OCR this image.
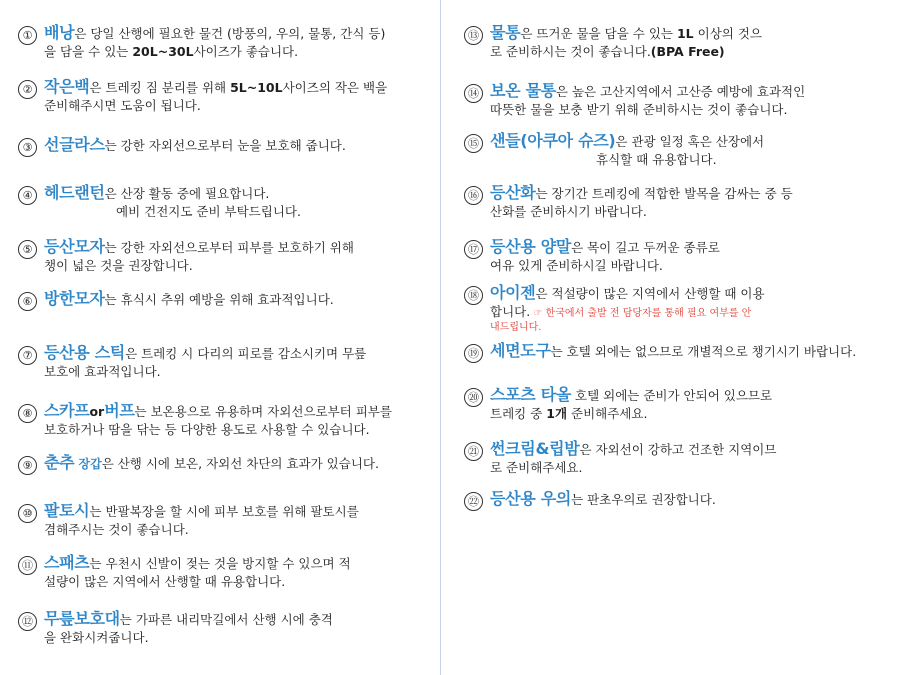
① 배낭은 당일 산행에 필요한 물건 (방풍의, 우의, 물통, 간식 등)
을 담을 수 있는 20L~30L사이즈가 좋습니다.
② 작은백은 트레킹 짐 분리를 위해 5L~10L사이즈의 작은 백을
준비해주시면 도움이 됩니다.
③ 선글라스는 강한 자외선으로부터 눈을 보호해 줍니다.
④ 헤드랜턴은 산장 활동 중에 필요합니다.
예비 건전지도 준비 부탁드립니다.
⑤ 등산모자는 강한 자외선으로부터 피부를 보호하기 위해
챙이 넓은 것을 권장합니다.
⑥ 방한모자는 휴식시 추위 예방을 위해 효과적입니다.
⑦ 등산용 스틱은 트레킹 시 다리의 피로를 감소시키며 무릎
보호에 효과적입니다.
⑧ 스카프or버프는 보온용으로 유용하며 자외선으로부터 피부를
보호하거나 땀을 닦는 등 다양한 용도로 사용할 수 있습니다.
⑨ 춘추 장갑은 산행 시에 보온, 자외선 차단의 효과가 있습니다.
⑩ 팔토시는 반팔복장을 할 시에 피부 보호를 위해 팔토시를
겸해주시는 것이 좋습니다.
⑪ 스패츠는 우천시 신발이 젖는 것을 방지할 수 있으며 적
설량이 많은 지역에서 산행할 때 유용합니다.
⑫ 무릎보호대는 가파른 내리막길에서 산행 시에 충격
을 완화시켜줍니다.
⑬ 물통은 뜨거운 물을 담을 수 있는 1L 이상의 것으
로 준비하시는 것이 좋습니다.(BPA Free)
⑭ 보온 물통은 높은 고산지역에서 고산증 예방에 효과적인
따뜻한 물을 보충 받기 위해 준비하시는 것이 좋습니다.
⑮ 샌들(아쿠아 슈즈)은 관광 일정 혹은 산장에서
휴식할 때 유용합니다.
⑯ 등산화는 장기간 트레킹에 적합한 발목을 감싸는 중 등
산화를 준비하시기 바랍니다.
⑰ 등산용 양말은 목이 길고 두꺼운 종류로
여유 있게 준비하시길 바랍니다.
⑱ 아이젠은 적설량이 많은 지역에서 산행할 때 이용
합니다. ☞ 한국에서 출발 전 담당자를 통해 필요 여부를 안
내드립니다.
⑲ 세면도구는 호텔 외에는 없으므로 개별적으로 챙기시기 바랍니다.
⑳ 스포츠 타올 호텔 외에는 준비가 안되어 있으므로
트레킹 중 1개 준비해주세요.
㉑ 썬크림&립밤은 자외선이 강하고 건조한 지역이므
로 준비해주세요.
㉒ 등산용 우의는 판초우의로 권장합니다.
